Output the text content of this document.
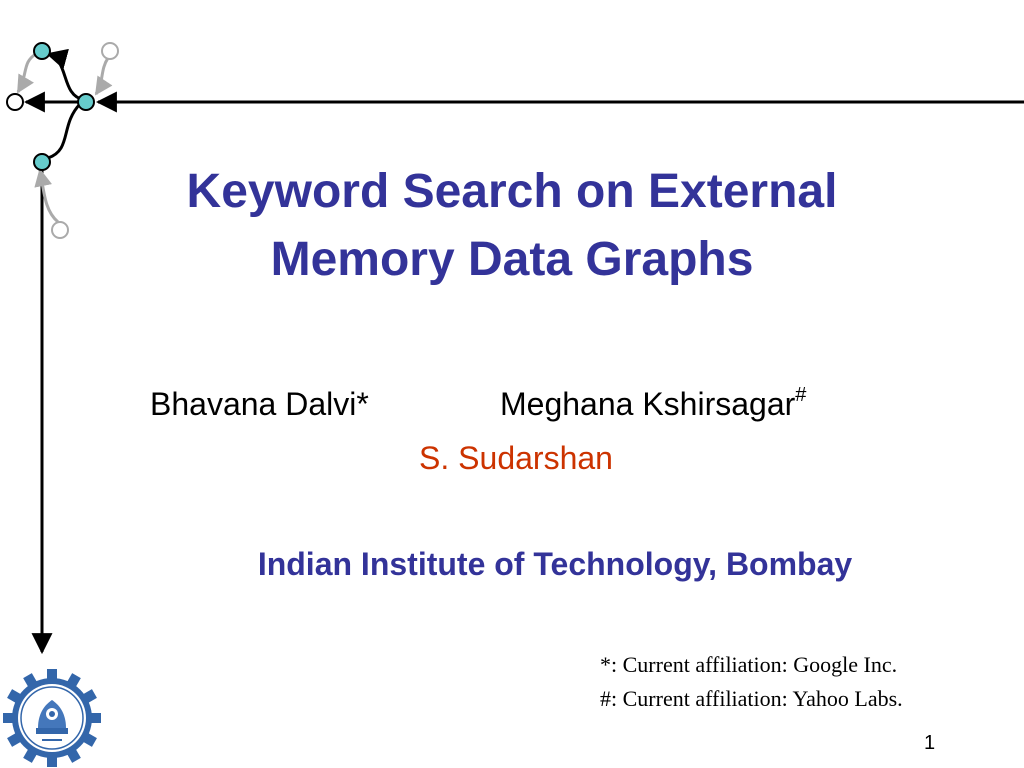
Keyword Search on External
Memory Data Graphs
Bhavana Dalvi*	Meghana Kshirsagar#
S. Sudarshan
Indian Institute of Technology, Bombay
*: Current affiliation: Google Inc.
#: Current affiliation: Yahoo Labs.
1
